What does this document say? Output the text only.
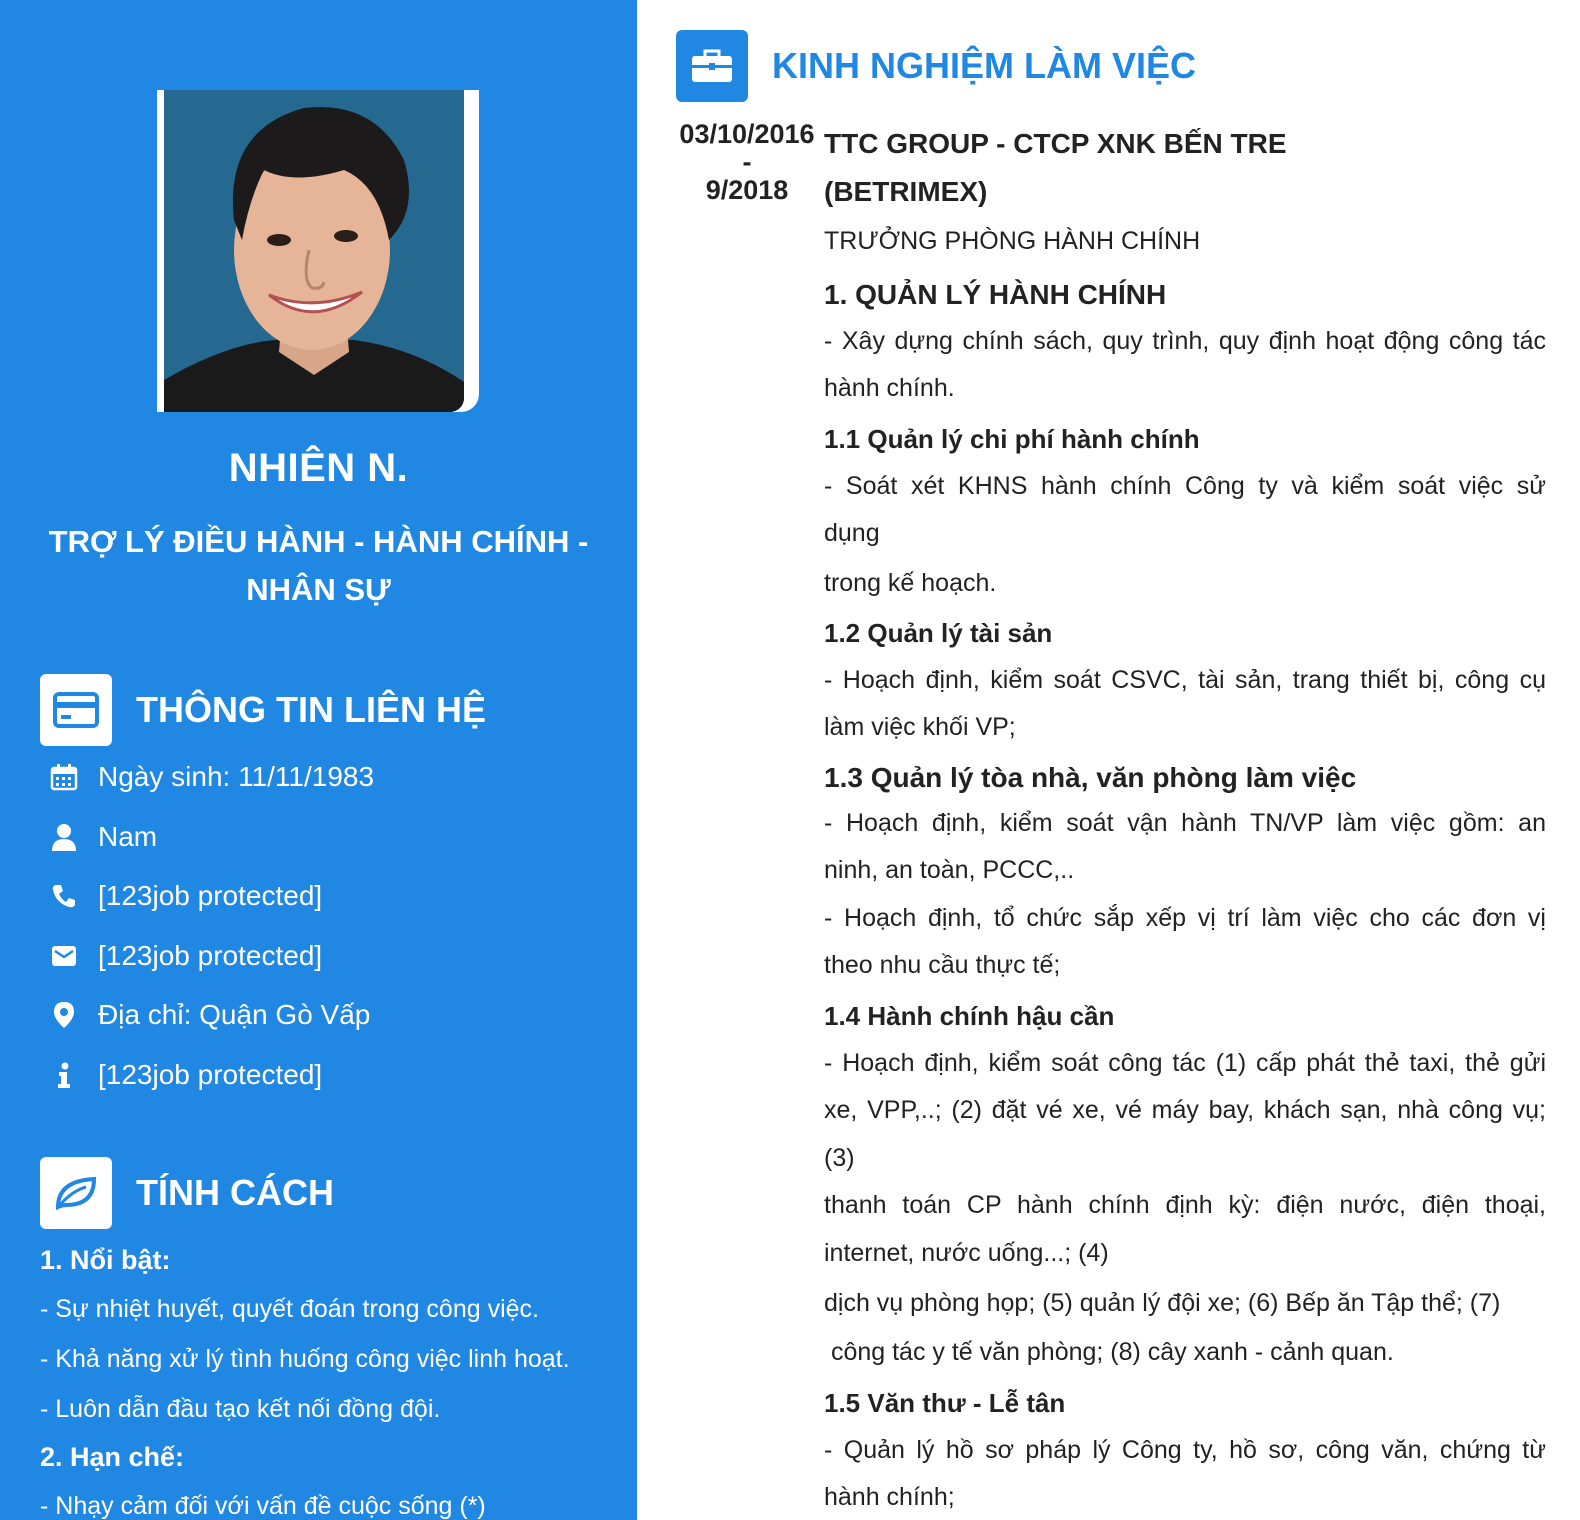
NHIÊN N.
TRỢ LÝ ĐIỀU HÀNH - HÀNH CHÍNH - NHÂN SỰ
THÔNG TIN LIÊN HỆ
Ngày sinh: 11/11/1983
Nam
[123job protected]
[123job protected]
Địa chỉ: Quận Gò Vấp
[123job protected]
TÍNH CÁCH
1. Nổi bật:
- Sự nhiệt huyết, quyết đoán trong công việc.
- Khả năng xử lý tình huống công việc linh hoạt.
- Luôn dẫn đầu tạo kết nối đồng đội.
2. Hạn chế:
- Nhạy cảm đối với vấn đề cuộc sống (*)
KINH NGHIỆM LÀM VIỆC
03/10/2016
-
9/2018
TTC GROUP - CTCP XNK BẾN TRE
(BETRIMEX)
TRƯỞNG PHÒNG HÀNH CHÍNH
1. QUẢN LÝ HÀNH CHÍNH
- Xây dựng chính sách, quy trình, quy định hoạt động công tác
hành chính.
1.1 Quản lý chi phí hành chính
- Soát xét KHNS hành chính Công ty và kiểm soát việc sử
dụng
trong kế hoạch.
1.2 Quản lý tài sản
- Hoạch định, kiểm soát CSVC, tài sản, trang thiết bị, công cụ
làm việc khối VP;
1.3 Quản lý tòa nhà, văn phòng làm việc
- Hoạch định, kiểm soát vận hành TN/VP làm việc gồm: an
ninh, an toàn, PCCC,..
- Hoạch định, tổ chức sắp xếp vị trí làm việc cho các đơn vị
theo nhu cầu thực tế;
1.4 Hành chính hậu cần
- Hoạch định, kiểm soát công tác (1) cấp phát thẻ taxi, thẻ gửi
xe, VPP,..; (2) đặt vé xe, vé máy bay, khách sạn, nhà công vụ;
(3)
thanh toán CP hành chính định kỳ: điện nước, điện thoại,
internet, nước uống...; (4)
dịch vụ phòng họp; (5) quản lý đội xe; (6) Bếp ăn Tập thể; (7)
công tác y tế văn phòng; (8) cây xanh - cảnh quan.
1.5 Văn thư - Lễ tân
- Quản lý hồ sơ pháp lý Công ty, hồ sơ, công văn, chứng từ
hành chính;
